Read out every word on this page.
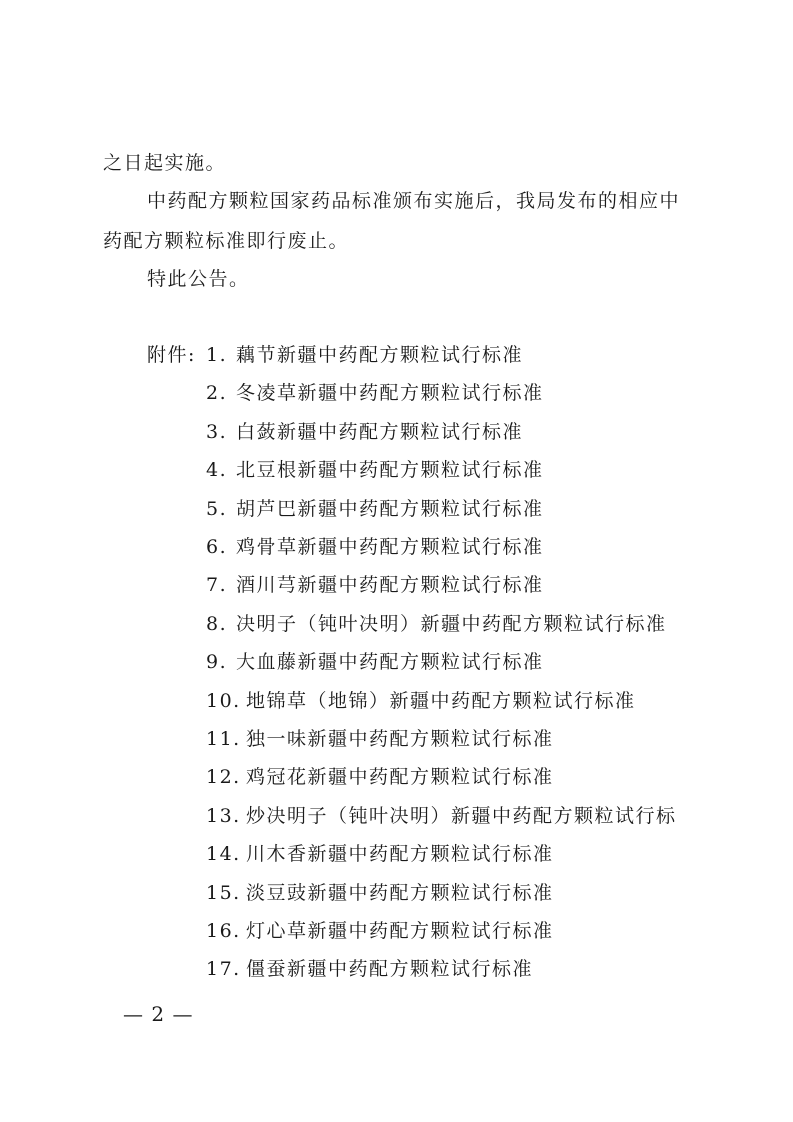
之日起实施。
中药配方颗粒国家药品标准颁布实施后，我局发布的相应中
药配方颗粒标准即行废止。
特此公告。
附件: 1. 藕节新疆中药配方颗粒试行标准
2. 冬凌草新疆中药配方颗粒试行标准
3. 白蔹新疆中药配方颗粒试行标准
4. 北豆根新疆中药配方颗粒试行标准
5. 胡芦巴新疆中药配方颗粒试行标准
6. 鸡骨草新疆中药配方颗粒试行标准
7. 酒川芎新疆中药配方颗粒试行标准
8. 决明子（钝叶决明）新疆中药配方颗粒试行标准
9. 大血藤新疆中药配方颗粒试行标准
10. 地锦草（地锦）新疆中药配方颗粒试行标准
11. 独一味新疆中药配方颗粒试行标准
12. 鸡冠花新疆中药配方颗粒试行标准
13. 炒决明子（钝叶决明）新疆中药配方颗粒试行标
14. 川木香新疆中药配方颗粒试行标准
15. 淡豆豉新疆中药配方颗粒试行标准
16. 灯心草新疆中药配方颗粒试行标准
17. 僵蚕新疆中药配方颗粒试行标准
— 2 —
